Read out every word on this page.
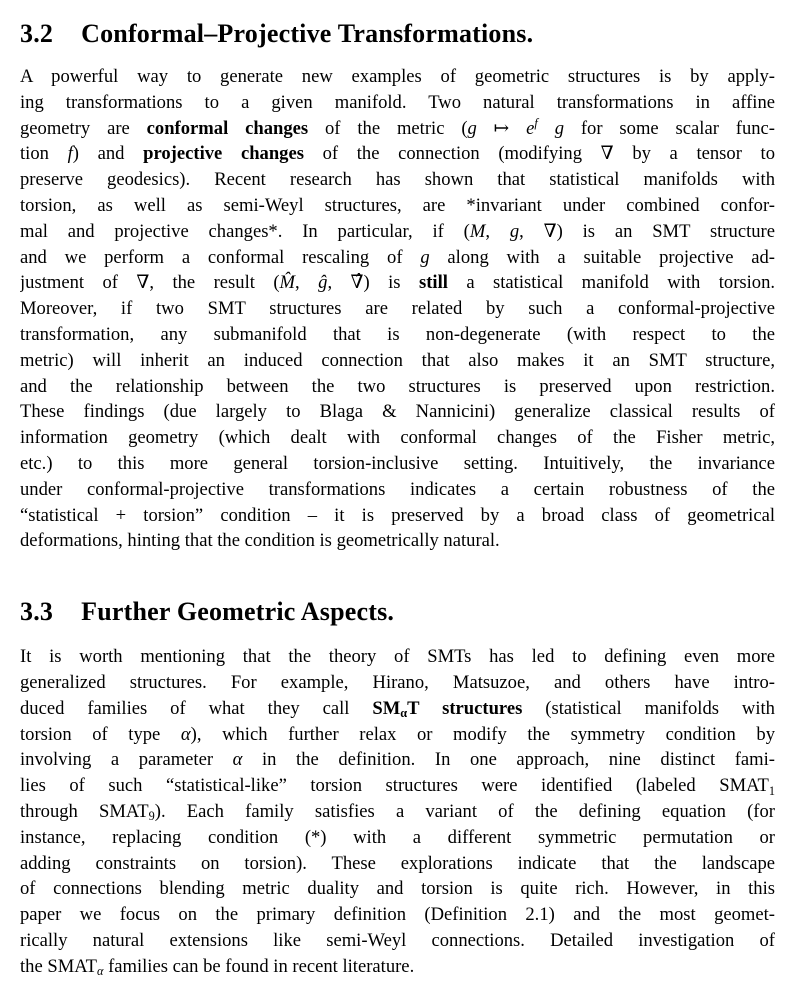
3.2 Conformal–Projective Transformations.
A powerful way to generate new examples of geometric structures is by apply-
ing transformations to a given manifold. Two natural transformations in affine
geometry are conformal changes of the metric (g ↦ $e^f$ g for some scalar func-
tion f) and projective changes of the connection (modifying ∇ by a tensor to
preserve geodesics). Recent research has shown that statistical manifolds with
torsion, as well as semi-Weyl structures, are *invariant under combined confor-
mal and projective changes*. In particular, if (M, g, ∇) is an SMT structure
and we perform a conformal rescaling of g along with a suitable projective ad-
justment of ∇, the result (M̂, ĝ, ∇̂) is still a statistical manifold with torsion.
Moreover, if two SMT structures are related by such a conformal-projective
transformation, any submanifold that is non-degenerate (with respect to the
metric) will inherit an induced connection that also makes it an SMT structure,
and the relationship between the two structures is preserved upon restriction.
These findings (due largely to Blaga & Nannicini) generalize classical results of
information geometry (which dealt with conformal changes of the Fisher metric,
etc.) to this more general torsion-inclusive setting. Intuitively, the invariance
under conformal-projective transformations indicates a certain robustness of the
“statistical + torsion” condition – it is preserved by a broad class of geometrical
deformations, hinting that the condition is geometrically natural.
3.3 Further Geometric Aspects.
It is worth mentioning that the theory of SMTs has led to defining even more
generalized structures. For example, Hirano, Matsuzoe, and others have intro-
duced families of what they call SMαT structures (statistical manifolds with
torsion of type α), which further relax or modify the symmetry condition by
involving a parameter α in the definition. In one approach, nine distinct fami-
lies of such “statistical-like” torsion structures were identified (labeled SMAT1
through SMAT9). Each family satisfies a variant of the defining equation (for
instance, replacing condition (*) with a different symmetric permutation or
adding constraints on torsion). These explorations indicate that the landscape
of connections blending metric duality and torsion is quite rich. However, in this
paper we focus on the primary definition (Definition 2.1) and the most geomet-
rically natural extensions like semi-Weyl connections. Detailed investigation of
the SMATα families can be found in recent literature.
